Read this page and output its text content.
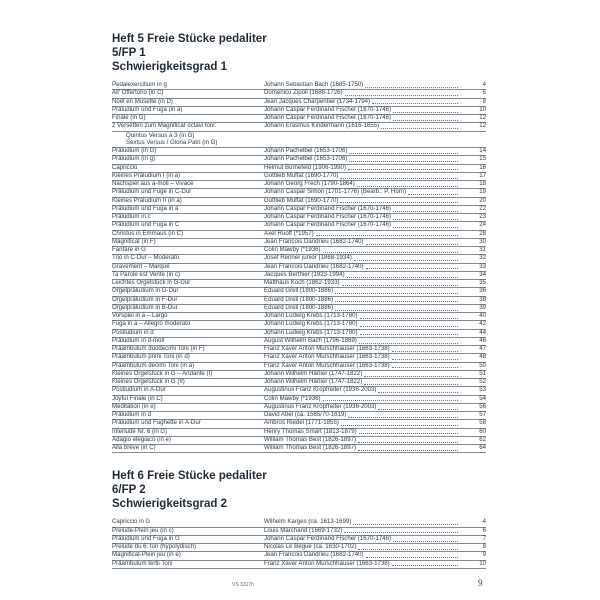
Heft 5 Freie Stücke pedaliter

5/FP 1

Schwierigkeitsgrad 1

Pedalexercitium in g	Johann Sebastian Bach (1685-1750)	4
All' Offertorio (in C)	Domenico Zipoli (1688-1726)	5
Noël en Musette (in D)	Jean Jacques Charpentier (1734-1794)	8
Präludium und Fuga (in a)	Johann Caspar Ferdinand Fischer (1670-1746)	10
Finale (in G)	Johann Caspar Ferdinand Fischer (1670-1746)	12
2 Versetten zum Magnificat octavi toni:	Johann Erasmus Kindermann (1616-1655)	12
Quintus Versus à 3 (in G)
Sextus Versus / Gloria Patri (in G)
Präludium (in G)	Johann Pachelbel (1653-1706)	14
Präludium (in g)	Johann Pachelbel (1653-1706)	15
Capriccio	Helmut Bornefeld (1906-1990)	16
Kleines Präludium I (in a)	Gottlieb Muffat (1690-1770)	17
Nachspiel aus a-moll – Vivace	Johann Georg Frech (1790-1864)	18
Präludium und Fuge in C-Dur	Johann Caspar Simon (1701-1776) (Bearb.: P. Horn)	19
Kleines Präludium II (in a)	Gottlieb Muffat (1690-1770)	20
Präludium und Fuga in a	Johann Caspar Ferdinand Fischer (1670-1746)	22
Präludium in c	Johann Caspar Ferdinand Fischer (1670-1746)	23
Präludium und Fuga in C	Johann Caspar Ferdinand Fischer (1670-1746)	24
Christus in Emmaus (in C)	Axel Ruoff (*1957)	28
Magnificat (in F)	Jean Francois Dandrieu (1682-1740)	30
Fanfare in G	Colin Mawby (*1936)	31
Trio in C-Dur – Moderato	Josef Renner junior (1868-1934)	32
Gravement – Marqué	Jean Francois Dandrieu (1682-1740)	33
Ta Parole est Verite (in c)	Jacques Berthier (1923-1994)	34
Leichtes Orgelstück in G-Dur	Matthäus Koch (1862-1933)	35
Orgelpräludium in G-Dur	Eduard Grell (1800-1886)	36
Orgelpräludium in F-Dur	Eduard Grell (1800-1886)	38
Orgelpräludium in B-Dur	Eduard Grell (1800-1886)	39
Vorspiel in a – Largo	Johann Ludwig Krebs (1713-1780)	40
Fuga in a – Allegro moderato	Johann Ludwig Krebs (1713-1780)	42
Postludium in d	Johann Ludwig Krebs (1713-1780)	44
Präludium in d-moll	August Wilhelm Bach (1796-1869)	46
Praambulum duodecimi Toni (in F)	Franz Xaver Anton Murschhauser (1663-1738)	47
Praambulum primi Toni (in d)	Franz Xaver Anton Murschhauser (1663-1738)	48
Praambulum decimi Toni (in a)	Franz Xaver Anton Murschhauser (1663-1738)	50
Kleines Orgelstück in G – Andante (I)	Johann Wilhelm Häßler (1747-1822)	51
Kleines Orgelstück in G (II)	Johann Wilhelm Häßler (1747-1822)	52
Postludium in A-Dur	Augustinus Franz Kropfreiter (1936-2003)	53
Joyful Finale (in C)	Colin Mawby (*1936)	54
Meditation (in e)	Augustinus Franz Kropfreiter (1936-2003)	56
Präludium in d	David Abel (ca. 1565/70-1619)	57
Präludium und Fughette in A-Dur	Ambros Riedel (1771-1855)	58
Interlude Nr. 6 (in G)	Henry Thomas Smart (1813-1879)	60
Adagio elegiaco (in e)	William Thomas Best (1826-1897)	62
Alla breve (in C)	William Thomas Best (1826-1897)	64

Heft 6 Freie Stücke pedaliter

6/FP 2

Schwierigkeitsgrad 2

Capriccio in G	Wilhelm Karges (ca. 1613-1699)	4
Prelude-Plein jeu (in c)	Louis Marchand (1669-1732)	6
Präludium und Fuga in G	Johann Caspar Ferdinand Fischer (1670-1746)	7
Prelude du 6. ton (hypolydisch)	Nicolas Le Bègue (ca. 1630-1702)	8
Magnificat-Plein jeu (in e)	Jean Francois Dandrieu (1682-1740)	9
Präambulum tertii Toni	Franz Xaver Anton Murschhauser (1663-1738)	10
VS 3317h	9
